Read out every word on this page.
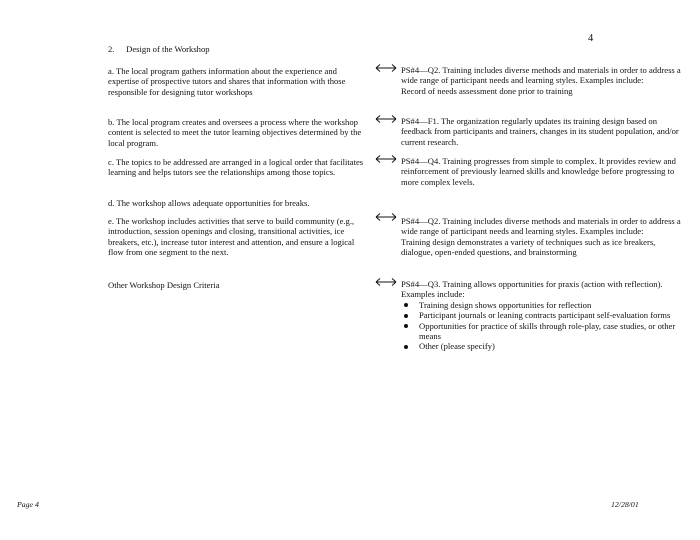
4
2. Design of the Workshop
a. The local program gathers information about the experience and expertise of prospective tutors and shares that information with those responsible for designing tutor workshops
PS#4—Q2. Training includes diverse methods and materials in order to address a wide range of participant needs and learning styles. Examples include:
Record of needs assessment done prior to training
b. The local program creates and oversees a process where the workshop content is selected to meet the tutor learning objectives determined by the local program.
PS#4—F1. The organization regularly updates its training design based on feedback from participants and trainers, changes in its student population, and/or current research.
c. The topics to be addressed are arranged in a logical order that facilitates learning and helps tutors see the relationships among those topics.
PS#4—Q4. Training progresses from simple to complex. It provides review and reinforcement of previously learned skills and knowledge before progressing to more complex levels.
d. The workshop allows adequate opportunities for breaks.
e. The workshop includes activities that serve to build community (e.g., introduction, session openings and closing, transitional activities, ice breakers, etc.), increase tutor interest and attention, and ensure a logical flow from one segment to the next.
PS#4—Q2. Training includes diverse methods and materials in order to address a wide range of participant needs and learning styles. Examples include:
Training design demonstrates a variety of techniques such as ice breakers, dialogue, open-ended questions, and brainstorming
Other Workshop Design Criteria	PS#4—Q3. Training allows opportunities for praxis (action with reflection). Examples include:
Training design shows opportunities for reflection
Participant journals or leaning contracts participant self-evaluation forms
Opportunities for practice of skills through role-play, case studies, or other means
Other (please specify)
Page 4	12/28/01
